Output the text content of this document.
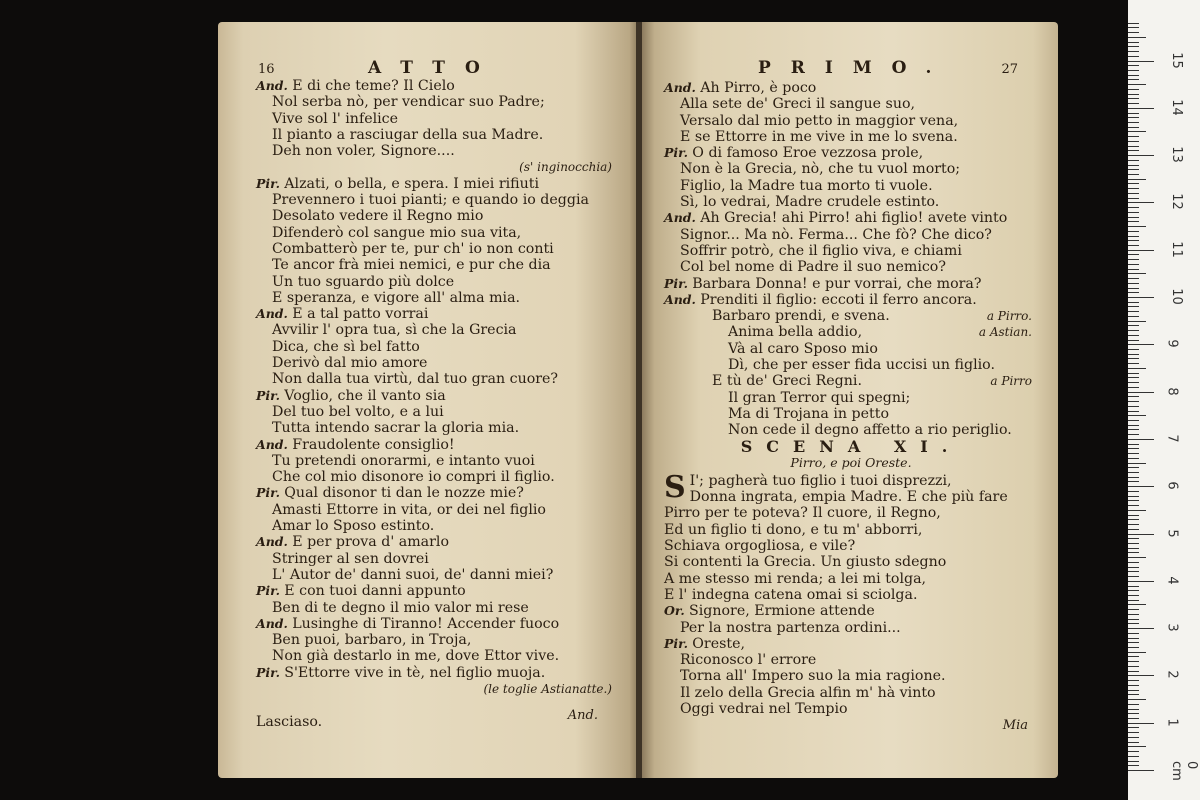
16	ATTO
And. E di che teme? Il Cielo
Nol serba nò, per vendicar suo Padre;
Vive sol l' infelice
Il pianto a rasciugar della sua Madre.
Deh non voler, Signore....
(s' inginocchia)
Pir. Alzati, o bella, e spera. I miei rifiuti
Prevennero i tuoi pianti; e quando io deggia
Desolato vedere il Regno mio
Difenderò col sangue mio sua vita,
Combatterò per te, pur ch' io non conti
Te ancor frà miei nemici, e pur che dia
Un tuo sguardo più dolce
E speranza, e vigore all' alma mia.
And. E a tal patto vorrai
Avvilir l' opra tua, sì che la Grecia
Dica, che sì bel fatto
Derivò dal mio amore
Non dalla tua virtù, dal tuo gran cuore?
Pir. Voglio, che il vanto sia
Del tuo bel volto, e a lui
Tutta intendo sacrar la gloria mia.
And. Fraudolente consiglio!
Tu pretendi onorarmi, e intanto vuoi
Che col mio disonore io compri il figlio.
Pir. Qual disonor ti dan le nozze mie?
Amasti Ettorre in vita, or dei nel figlio
Amar lo Sposo estinto.
And. E per prova d' amarlo
Stringer al sen dovrei
L' Autor de' danni suoi, de' danni miei?
Pir. E con tuoi danni appunto
Ben di te degno il mio valor mi rese
And. Lusinghe di Tiranno! Accender fuoco
Ben puoi, barbaro, in Troja,
Non già destarlo in me, dove Ettor vive.
Pir. S'Ettorre vive in tè, nel figlio muoja.
(le toglie Astianatte.)
Lasciaso.	And.
PRIMO.	27
And. Ah Pirro, è poco
Alla sete de' Greci il sangue suo,
Versalo dal mio petto in maggior vena,
E se Ettorre in me vive in me lo svena.
Pir. O di famoso Eroe vezzosa prole,
Non è la Grecia, nò, che tu vuol morto;
Figlio, la Madre tua morto ti vuole.
Sì, lo vedrai, Madre crudele estinto.
And. Ah Grecia! ahi Pirro! ahi figlio! avete vinto
Signor... Ma nò. Ferma... Che fò? Che dico?
Soffrir potrò, che il figlio viva, e chiami
Col bel nome di Padre il suo nemico?
Pir. Barbara Donna! e pur vorrai, che mora?
And. Prenditi il figlio: eccoti il ferro ancora.
Barbaro prendi, e svena.	a Pirro.
Anima bella addio,	a Astian.
Và al caro Sposo mio
Dì, che per esser fida uccisi un figlio.
E tù de' Greci Regni.	a Pirro
Il gran Terror qui spegni;
Ma di Trojana in petto
Non cede il degno affetto a rio periglio.
SCENA XI.
Pirro, e poi Oreste.
S I'; pagherà tuo figlio i tuoi disprezzi,
Donna ingrata, empia Madre. E che più fare
Pirro per te poteva? Il cuore, il Regno,
Ed un figlio ti dono, e tu m' abborri,
Schiava orgogliosa, e vile?
Si contenti la Grecia. Un giusto sdegno
A me stesso mi renda; a lei mi tolga,
E l' indegna catena omai si sciolga.
Or. Signore, Ermione attende
Per la nostra partenza ordini...
Pir. Oreste,
Riconosco l' errore
Torna all' Impero suo la mia ragione.
Il zelo della Grecia alfin m' hà vinto
Oggi vedrai nel Tempio
Mia
0 cm
1
2
3
4
5
6
7
8
9
10
11
12
13
14
15
